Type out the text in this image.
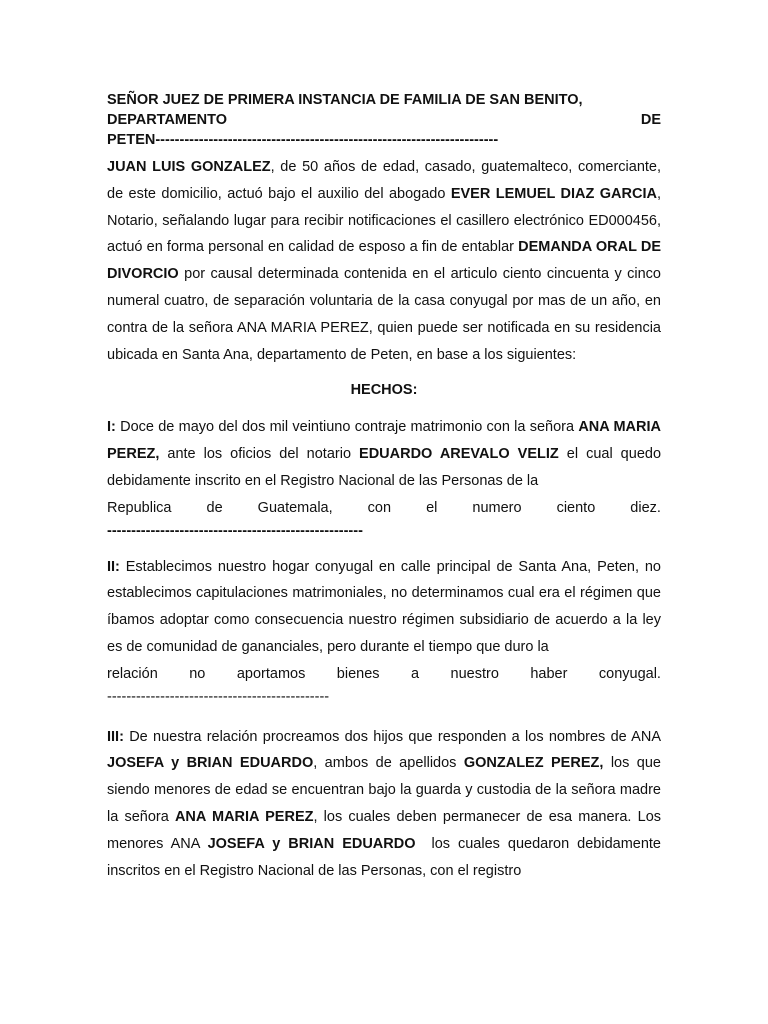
SEÑOR JUEZ DE PRIMERA INSTANCIA DE FAMILIA DE SAN BENITO,
DEPARTAMENTO	DE
PETEN-----------------------------------------------------------------------

JUAN LUIS GONZALEZ, de 50 años de edad, casado, guatemalteco, comerciante, de este domicilio, actuó bajo el auxilio del abogado EVER LEMUEL DIAZ GARCIA, Notario, señalando lugar para recibir notificaciones el casillero electrónico ED000456, actuó en forma personal en calidad de esposo a fin de entablar DEMANDA ORAL DE DIVORCIO por causal determinada contenida en el articulo ciento cincuenta y cinco numeral cuatro, de separación voluntaria de la casa conyugal por mas de un año, en contra de la señora ANA MARIA PEREZ, quien puede ser notificada en su residencia ubicada en Santa Ana, departamento de Peten, en base a los siguientes:

HECHOS:

I: Doce de mayo del dos mil veintiuno contraje matrimonio con la señora ANA MARIA PEREZ, ante los oficios del notario EDUARDO AREVALO VELIZ el cual quedo debidamente inscrito en el Registro Nacional de las Personas de la

Republica de Guatemala, con el numero ciento diez.
-----------------------------------------------------

II: Establecimos nuestro hogar conyugal en calle principal de Santa Ana, Peten, no establecimos capitulaciones matrimoniales, no determinamos cual era el régimen que íbamos adoptar como consecuencia nuestro régimen subsidiario de acuerdo a la ley es de comunidad de gananciales, pero durante el tiempo que duro la

relación no aportamos bienes a nuestro haber conyugal.
----------------------------------------------

III: De nuestra relación procreamos dos hijos que responden a los nombres de ANA JOSEFA y BRIAN EDUARDO, ambos de apellidos GONZALEZ PEREZ, los que siendo menores de edad se encuentran bajo la guarda y custodia de la señora madre la señora ANA MARIA PEREZ, los cuales deben permanecer de esa manera. Los menores ANA JOSEFA y BRIAN EDUARDO  los cuales quedaron debidamente inscritos en el Registro Nacional de las Personas, con el registro
